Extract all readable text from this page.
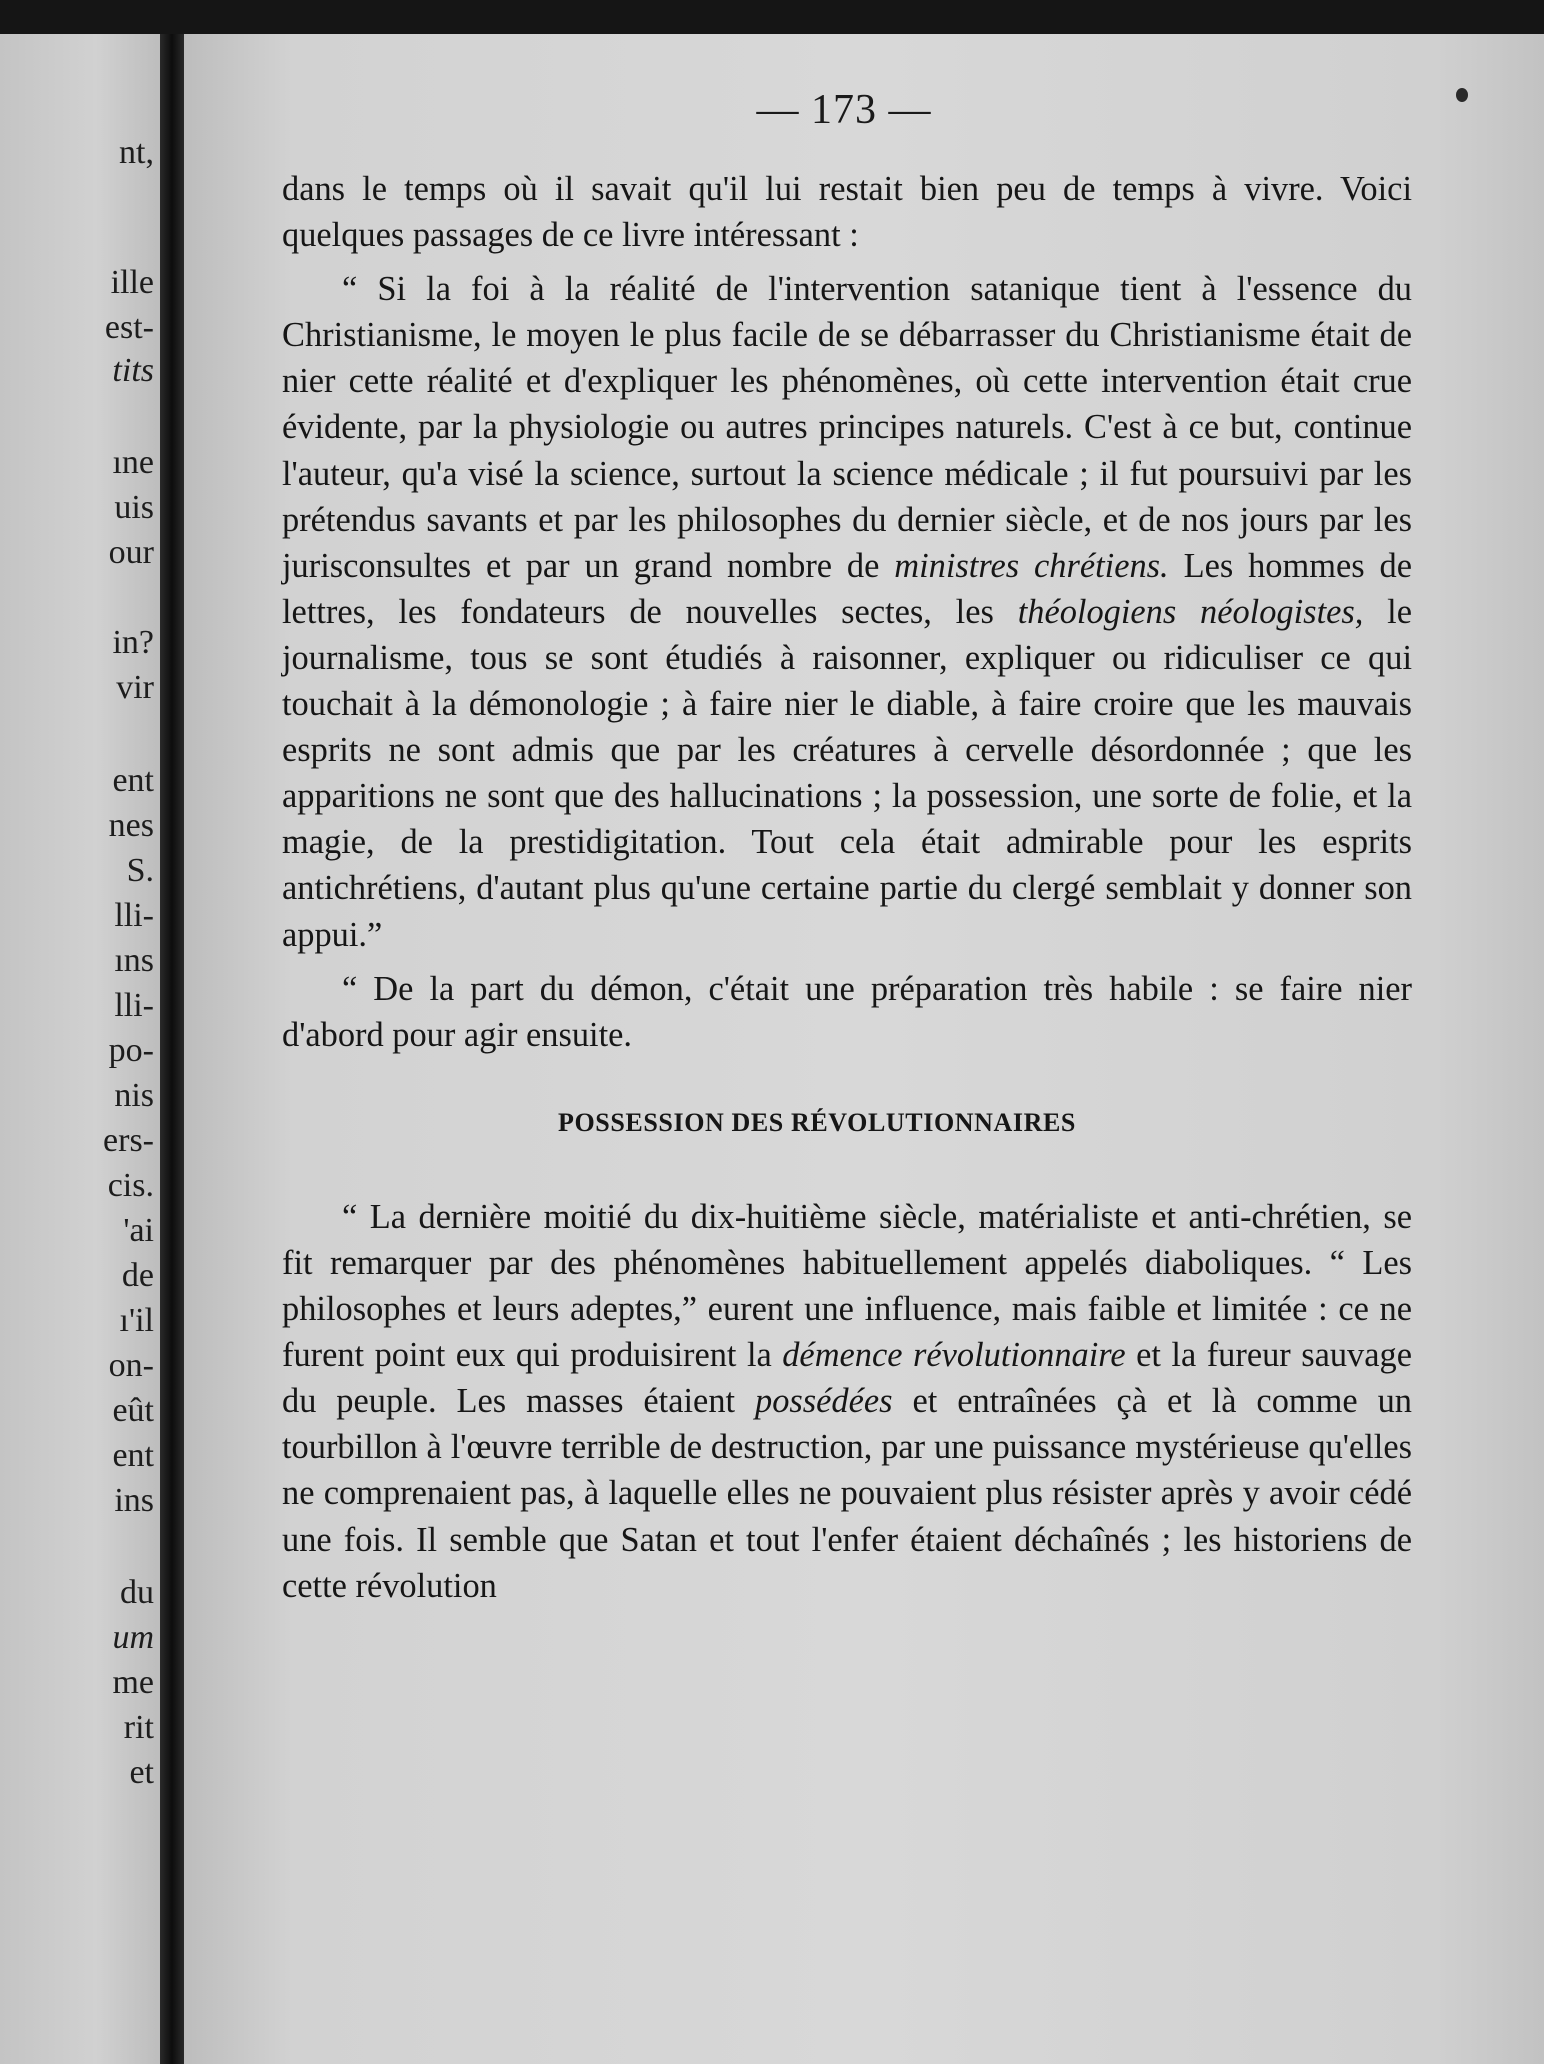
nt,
ille
est-
tits
ıne
uis
our
in?
vir
ent
nes
S.
lli-
ıns
lli-
po-
nis
ers-
cis.
'ai
de
ı'il
on-
eût
ent
ins
du
um
me
rit
et
— 173 —

dans le temps où il savait qu'il lui restait bien peu de temps à vivre. Voici quelques passages de ce livre intéressant :

“ Si la foi à la réalité de l'intervention satanique tient à l'essence du Christianisme, le moyen le plus facile de se débarrasser du Christianisme était de nier cette réalité et d'expliquer les phénomènes, où cette intervention était crue évidente, par la physiologie ou autres principes naturels. C'est à ce but, continue l'auteur, qu'a visé la science, surtout la science médicale ; il fut poursuivi par les prétendus savants et par les philosophes du dernier siècle, et de nos jours par les jurisconsultes et par un grand nombre de ministres chrétiens. Les hommes de lettres, les fondateurs de nouvelles sectes, les théologiens néologistes, le journalisme, tous se sont étudiés à raisonner, expliquer ou ridiculiser ce qui touchait à la démonologie ; à faire nier le diable, à faire croire que les mauvais esprits ne sont admis que par les créatures à cervelle désordonnée ; que les apparitions ne sont que des hallucinations ; la possession, une sorte de folie, et la magie, de la prestidigitation. Tout cela était admirable pour les esprits antichrétiens, d'autant plus qu'une certaine partie du clergé semblait y donner son appui.”

“ De la part du démon, c'était une préparation très habile : se faire nier d'abord pour agir ensuite.

POSSESSION DES RÉVOLUTIONNAIRES

“ La dernière moitié du dix-huitième siècle, matérialiste et anti-chrétien, se fit remarquer par des phénomènes habituellement appelés diaboliques. “ Les philosophes et leurs adeptes,” eurent une influence, mais faible et limitée : ce ne furent point eux qui produisirent la démence révolutionnaire et la fureur sauvage du peuple. Les masses étaient possédées et entraînées çà et là comme un tourbillon à l'œuvre terrible de destruction, par une puissance mystérieuse qu'elles ne comprenaient pas, à laquelle elles ne pouvaient plus résister après y avoir cédé une fois. Il semble que Satan et tout l'enfer étaient déchaînés ; les historiens de cette révolution
